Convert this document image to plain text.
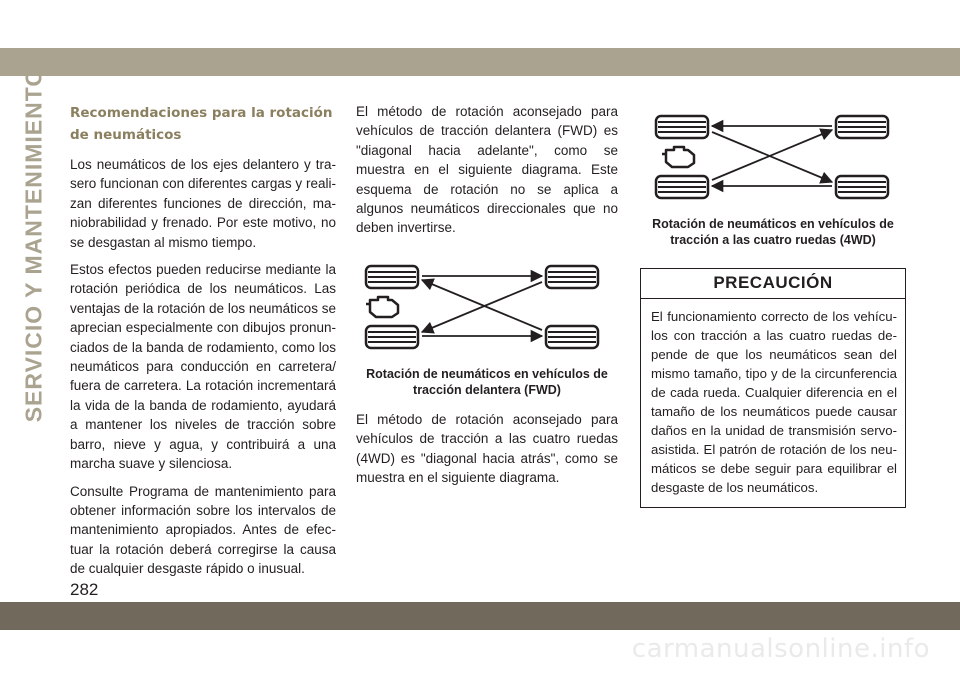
SERVICIO Y MANTENIMIENTO Recomendaciones para la rotación de neumáticos

Los neumáticos de los ejes delantero y trasero funcionan con diferentes cargas y realizan diferentes funciones de dirección, maniobrabilidad y frenado. Por este motivo, no se desgastan al mismo tiempo.

Estos efectos pueden reducirse mediante la rotación periódica de los neumáticos. Las ventajas de la rotación de los neumáticos se aprecian especialmente con dibujos pronunciados de la banda de rodamiento, como los neumáticos para conducción en carretera/ fuera de carretera. La rotación incrementará la vida de la banda de rodamiento, ayudará a mantener los niveles de tracción sobre barro, nieve y agua, y contribuirá a una marcha suave y silenciosa.

Consulte Programa de mantenimiento para obtener información sobre los intervalos de mantenimiento apropiados. Antes de efectuar la rotación deberá corregirse la causa de cualquier desgaste rápido o inusual.

El método de rotación aconsejado para vehículos de tracción delantera (FWD) es "diagonal hacia adelante", como se muestra en el siguiente diagrama. Este esquema de rotación no se aplica a algunos neumáticos direccionales que no deben invertirse.

Rotación de neumáticos en vehículos de tracción delantera (FWD)

El método de rotación aconsejado para vehículos de tracción a las cuatro ruedas (4WD) es "diagonal hacia atrás", como se muestra en el siguiente diagrama.

Rotación de neumáticos en vehículos de tracción a las cuatro ruedas (4WD)
PRECAUCIÓN
El funcionamiento correcto de los vehículos con tracción a las cuatro ruedas depende de que los neumáticos sean del mismo tamaño, tipo y de la circunferencia de cada rueda. Cualquier diferencia en el tamaño de los neumáticos puede causar daños en la unidad de transmisión servoasistida. El patrón de rotación de los neumáticos se debe seguir para equilibrar el desgaste de los neumáticos.
282
carmanualsonline.info
